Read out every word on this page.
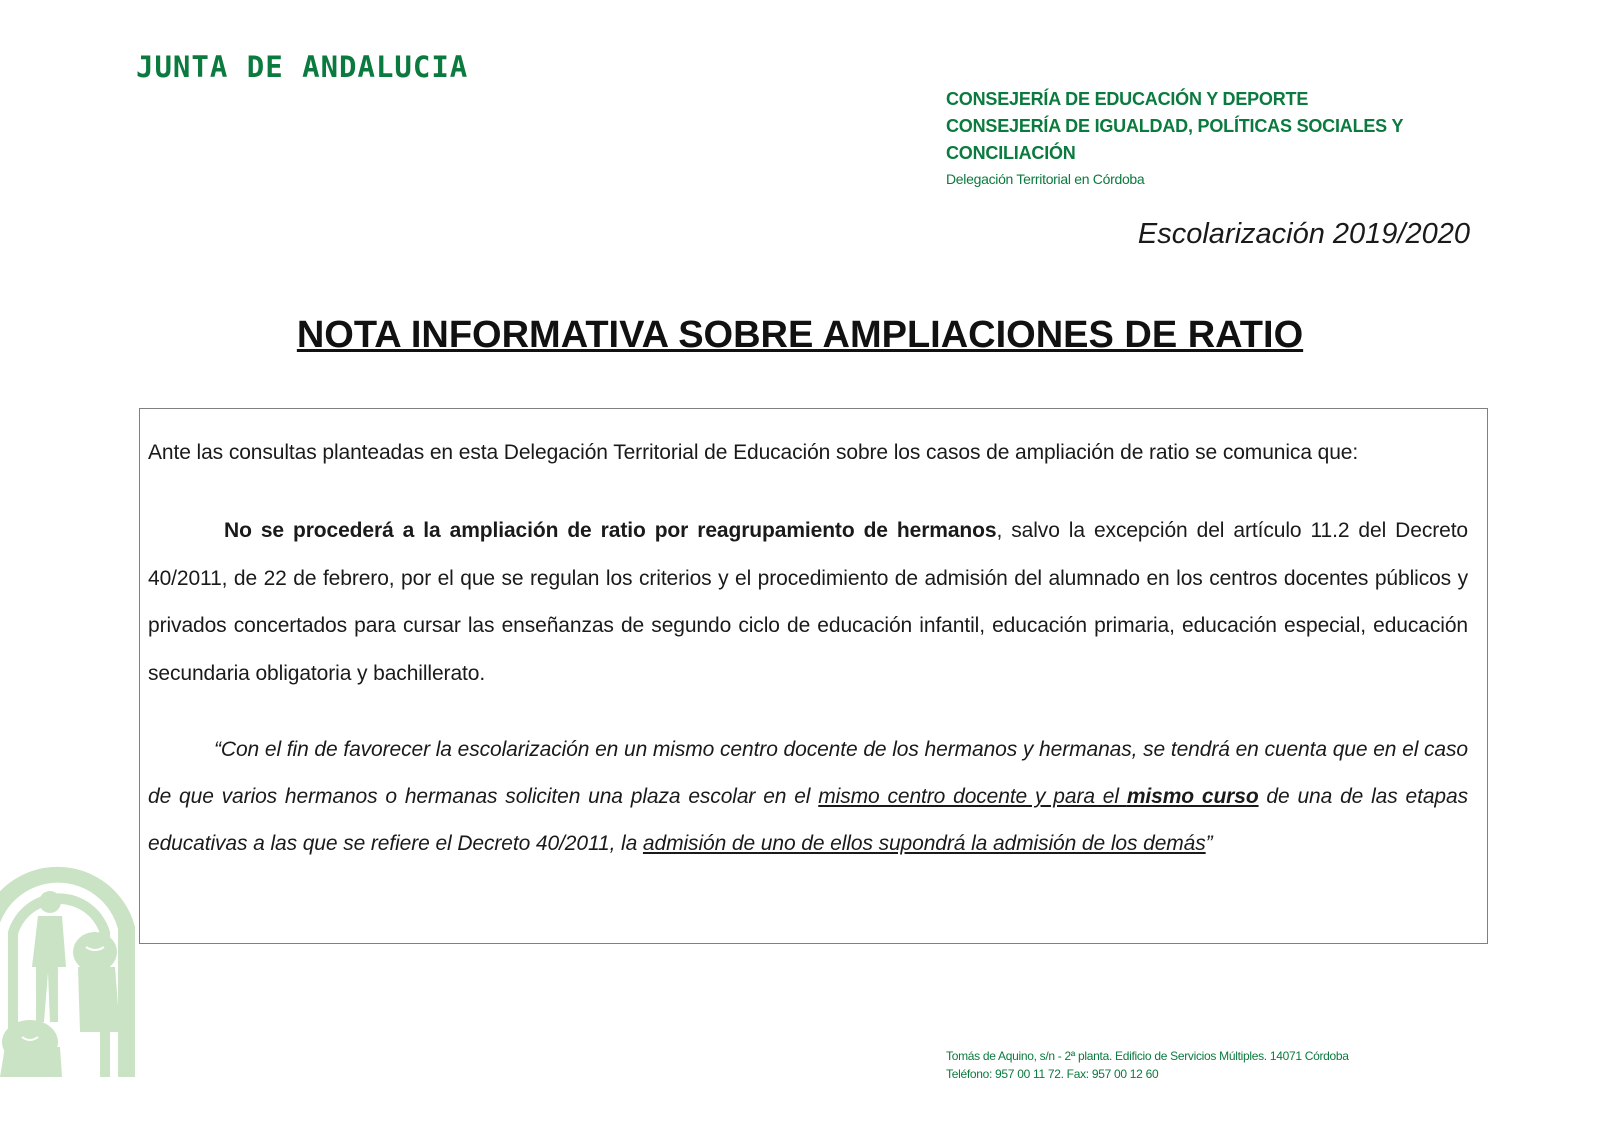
JUNTA DE ANDALUCIA
CONSEJERÍA DE EDUCACIÓN Y DEPORTE
CONSEJERÍA DE IGUALDAD, POLÍTICAS SOCIALES Y
CONCILIACIÓN
Delegación Territorial en Córdoba
Escolarización 2019/2020
NOTA INFORMATIVA SOBRE AMPLIACIONES DE RATIO
Ante las consultas planteadas en esta Delegación Territorial de Educación sobre los casos de ampliación de ratio se comunica que:
No se procederá a la ampliación de ratio por reagrupamiento de hermanos, salvo la excepción del artículo 11.2 del Decreto 40/2011, de 22 de febrero, por el que se regulan los criterios y el procedimiento de admisión del alumnado en los centros docentes públicos y privados concertados para cursar las enseñanzas de segundo ciclo de educación infantil, educación primaria, educación especial, educación secundaria obligatoria y bachillerato.
“Con el fin de favorecer la escolarización en un mismo centro docente de los hermanos y hermanas, se tendrá en cuenta que en el caso de que varios hermanos o hermanas soliciten una plaza escolar en el mismo centro docente y para el mismo curso de una de las etapas educativas a las que se refiere el Decreto 40/2011, la admisión de uno de ellos supondrá la admisión de los demás”
Tomás de Aquino, s/n - 2ª planta. Edificio de Servicios Múltiples. 14071 Córdoba
Teléfono: 957 00 11 72. Fax: 957 00 12 60
